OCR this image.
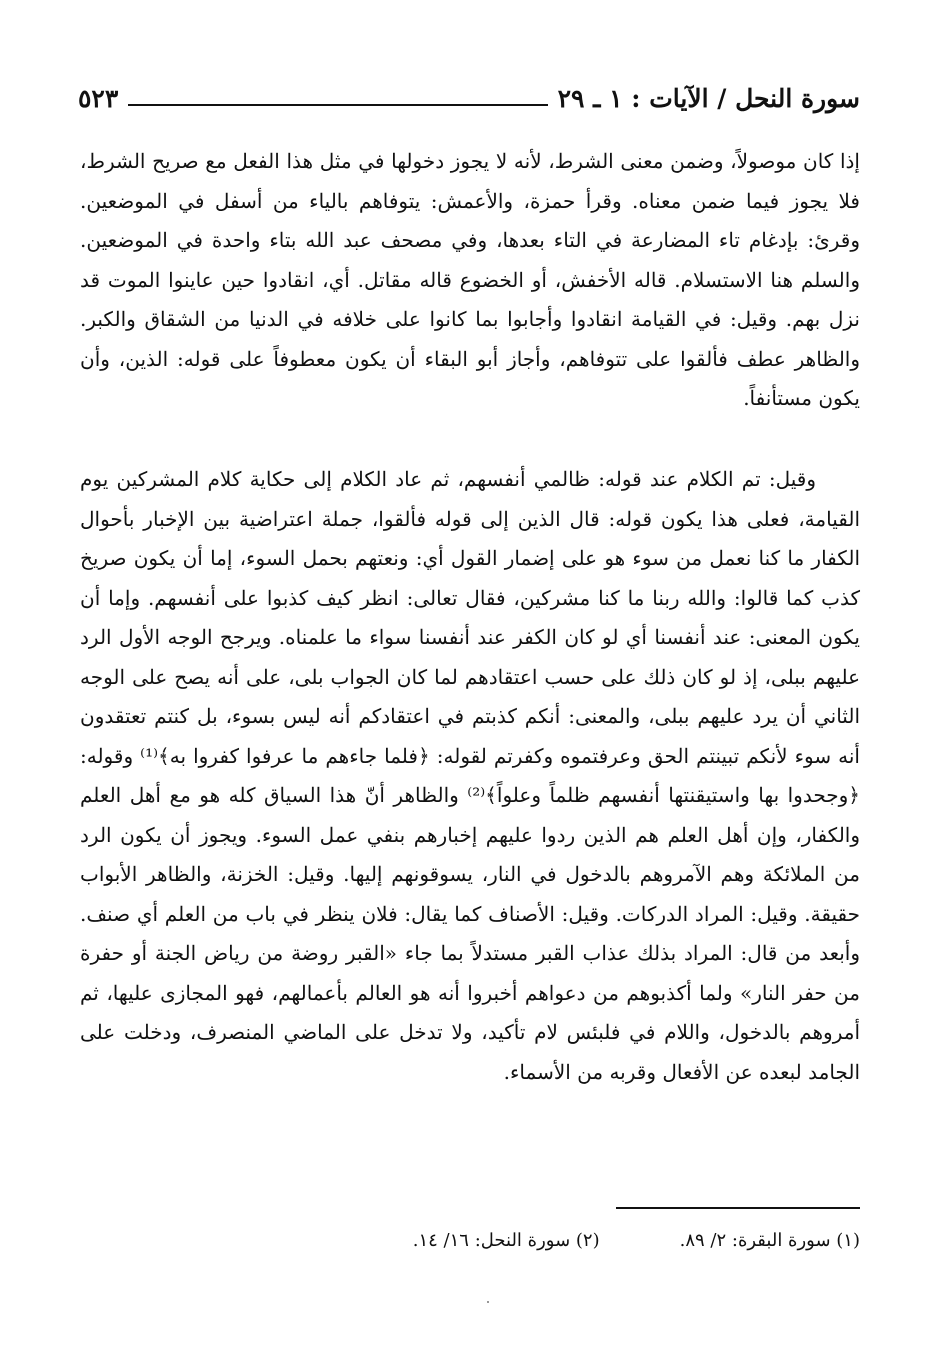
سورة النحل / الآيات : ١ ـ ٢٩
٥٢٣

إذا كان موصولاً، وضمن معنى الشرط، لأنه لا يجوز دخولها في مثل هذا الفعل مع صريح الشرط، فلا يجوز فيما ضمن معناه. وقرأ حمزة، والأعمش: يتوفاهم بالياء من أسفل في الموضعين. وقرئ: بإدغام تاء المضارعة في التاء بعدها، وفي مصحف عبد الله بتاء واحدة في الموضعين. والسلم هنا الاستسلام. قاله الأخفش، أو الخضوع قاله مقاتل. أي، انقادوا حين عاينوا الموت قد نزل بهم. وقيل: في القيامة انقادوا وأجابوا بما كانوا على خلافه في الدنيا من الشقاق والكبر. والظاهر عطف فألقوا على تتوفاهم، وأجاز أبو البقاء أن يكون معطوفاً على قوله: الذين، وأن يكون مستأنفاً.

وقيل: تم الكلام عند قوله: ظالمي أنفسهم، ثم عاد الكلام إلى حكاية كلام المشركين يوم القيامة، فعلى هذا يكون قوله: قال الذين إلى قوله فألقوا، جملة اعتراضية بين الإخبار بأحوال الكفار ما كنا نعمل من سوء هو على إضمار القول أي: ونعتهم بحمل السوء، إما أن يكون صريخ كذب كما قالوا: والله ربنا ما كنا مشركين، فقال تعالى: انظر كيف كذبوا على أنفسهم. وإما أن يكون المعنى: عند أنفسنا أي لو كان الكفر عند أنفسنا سواء ما علمناه. ويرجح الوجه الأول الرد عليهم ببلى، إذ لو كان ذلك على حسب اعتقادهم لما كان الجواب بلى، على أنه يصح على الوجه الثاني أن يرد عليهم ببلى، والمعنى: أنكم كذبتم في اعتقادكم أنه ليس بسوء، بل كنتم تعتقدون أنه سوء لأنكم تبينتم الحق وعرفتموه وكفرتم لقوله: ﴿فلما جاءهم ما عرفوا كفروا به﴾⁽¹⁾ وقوله: ﴿وجحدوا بها واستيقنتها أنفسهم ظلماً وعلواً﴾⁽²⁾ والظاهر أنّ هذا السياق كله هو مع أهل العلم والكفار، وإن أهل العلم هم الذين ردوا عليهم إخبارهم بنفي عمل السوء. ويجوز أن يكون الرد من الملائكة وهم الآمروهم بالدخول في النار، يسوقونهم إليها. وقيل: الخزنة، والظاهر الأبواب حقيقة. وقيل: المراد الدركات. وقيل: الأصناف كما يقال: فلان ينظر في باب من العلم أي صنف. وأبعد من قال: المراد بذلك عذاب القبر مستدلاً بما جاء «القبر روضة من رياض الجنة أو حفرة من حفر النار» ولما أكذبوهم من دعواهم أخبروا أنه هو العالم بأعمالهم، فهو المجازى عليها، ثم أمروهم بالدخول، واللام في فلبئس لام تأكيد، ولا تدخل على الماضي المنصرف، ودخلت على الجامد لبعده عن الأفعال وقربه من الأسماء.

(١) سورة البقرة: ٢/ ٨٩.
(٢) سورة النحل: ١٦/ ١٤.
